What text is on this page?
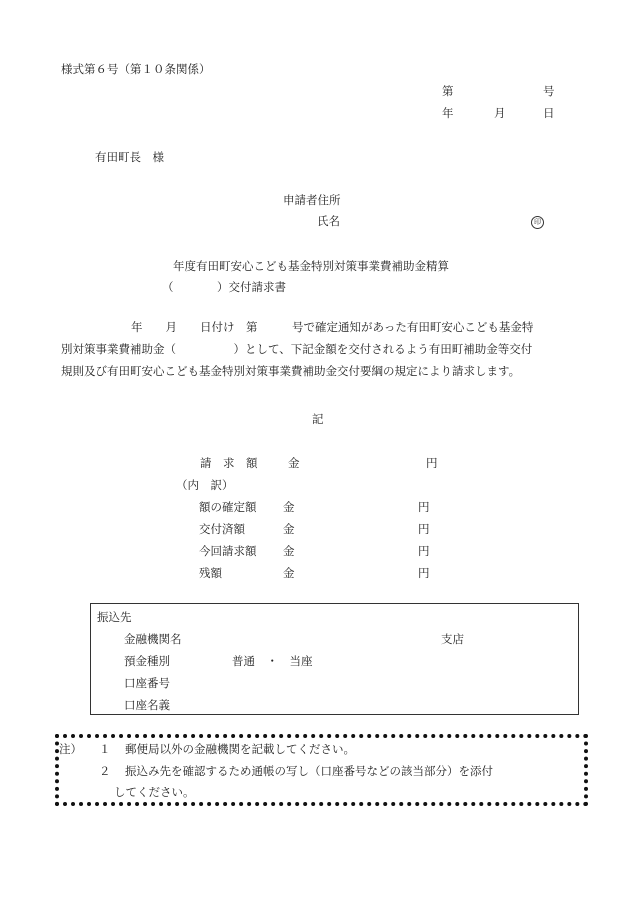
様式第６号（第１０条関係）
第	号
年	月	日
有田町長　様
申請者住所
氏名	印
年度有田町安心こども基金特別対策事業費補助金精算
（	）交付請求書
年　　月　　日付け　第　　　号で確定通知があった有田町安心こども基金特
別対策事業費補助金（　　　　　）として、下記金額を交付されるよう有田町補助金等交付
規則及び有田町安心こども基金特別対策事業費補助金交付要綱の規定により請求します。
記
請　求　額	金	円
（内　訳）
額の確定額 金	円
交付済額	金	円
今回請求額 金	円
残額	金	円
振込先
金融機関名	支店
預金種別	普通　・　当座
口座番号
口座名義
注） １ 郵便局以外の金融機関を記載してください。
２ 振込み先を確認するため通帳の写し（口座番号などの該当部分）を添付
してください。
